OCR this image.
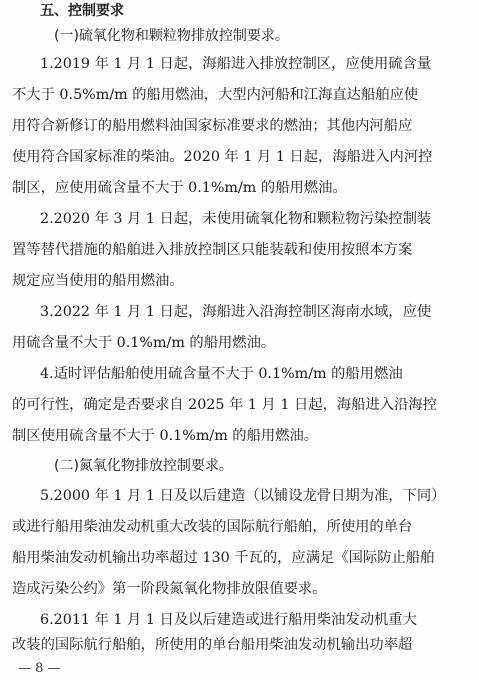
五、控制要求
(一)硫氧化物和颗粒物排放控制要求。
1.2019 年 1 月 1 日起，海船进入排放控制区，应使用硫含量
不大于 0.5%m/m 的船用燃油，大型内河船和江海直达船舶应使
用符合新修订的船用燃料油国家标准要求的燃油；其他内河船应
使用符合国家标准的柴油。2020 年 1 月 1 日起，海船进入内河控
制区，应使用硫含量不大于 0.1%m/m 的船用燃油。
2.2020 年 3 月 1 日起，未使用硫氧化物和颗粒物污染控制装
置等替代措施的船舶进入排放控制区只能装载和使用按照本方案
规定应当使用的船用燃油。
3.2022 年 1 月 1 日起，海船进入沿海控制区海南水域，应使
用硫含量不大于 0.1%m/m 的船用燃油。
4.适时评估船舶使用硫含量不大于 0.1%m/m 的船用燃油
的可行性，确定是否要求自 2025 年 1 月 1 日起，海船进入沿海控
制区使用硫含量不大于 0.1%m/m 的船用燃油。
(二)氮氧化物排放控制要求。
5.2000 年 1 月 1 日及以后建造（以铺设龙骨日期为准，下同）
或进行船用柴油发动机重大改装的国际航行船舶，所使用的单台
船用柴油发动机输出功率超过 130 千瓦的，应满足《国际防止船舶
造成污染公约》第一阶段氮氧化物排放限值要求。
— 8 —
6.2011 年 1 月 1 日及以后建造或进行船用柴油发动机重大
改装的国际航行船舶，所使用的单台船用柴油发动机输出功率超
